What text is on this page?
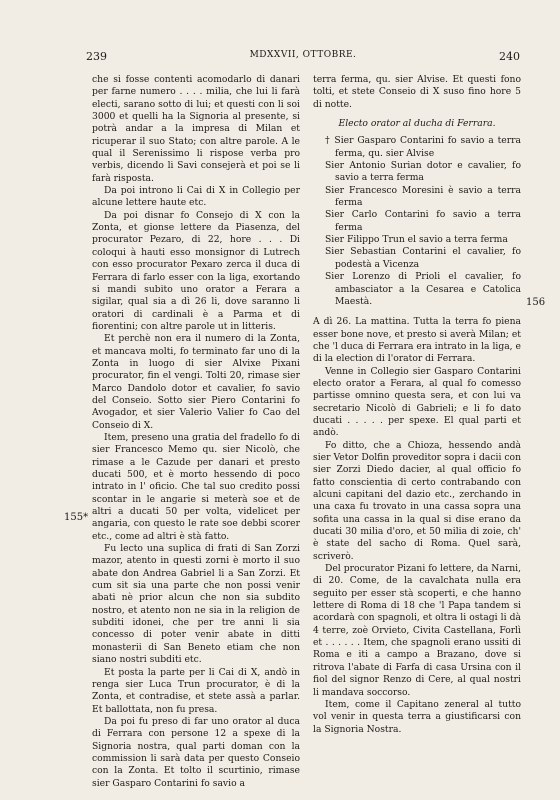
239	MDXXVII, OTTOBRE.	240
155*
156

che si fosse contenti acomodarlo di danari per farne numero . . . . milia, che lui li farà electi, sarano sotto di lui; et questi con li soi 3000 et quelli ha la Signoria al presente, si potrà andar a la impresa di Milan et ricuperar il suo Stato; con altre parole. A le qual il Serenissimo li rispose verba pro verbis, dicendo li Savi consejerà et poi se li farà risposta.

Da poi introno li Cai di X in Collegio per alcune lettere haute etc.

Da poi disnar fo Consejo di X con la Zonta, et gionse lettere da Piasenza, del procurator Pezaro, di 22, hore . . . Di coloqui à hauti esso monsignor di Lutrech con esso procurator Pexaro zerca il duca di Ferrara di farlo esser con la liga, exortando si mandi subito uno orator a Ferara a sigilar, qual sia a dì 26 li, dove saranno li oratori di cardinali è a Parma et di fiorentini; con altre parole ut in litteris.

Et perchè non era il numero di la Zonta, et mancava molti, fo terminato far uno di la Zonta in luogo di sier Alvixe Pixani procurator, fin el vengi. Tolti 20, rimase sier Marco Dandolo dotor et cavalier, fo savio del Conseio. Sotto sier Piero Contarini fo Avogador, et sier Valerio Valier fo Cao del Conseio di X.

Item, preseno una gratia del fradello fo di sier Francesco Memo qu. sier Nicolò, che rimase a le Cazude per danari et presto ducati 500, et è morto hessendo di poco intrato in l' oficio. Che tal suo credito possi scontar in le angarie si meterà soe et de altri a ducati 50 per volta, videlicet per angaria, con questo le rate soe debbi scorer etc., come ad altri è stà fatto.

Fu lecto una suplica di frati di San Zorzi mazor, atento in questi zorni è morto il suo abate don Andrea Gabriel li a San Zorzi. Et cum sit sia una parte che non possi venir abati nè prior alcun che non sia subdito nostro, et atento non ne sia in la religion de subditi idonei, che per tre anni li sia concesso di poter venir abate in ditti monasterii di San Beneto etiam che non siano nostri subditi etc.

Et posta la parte per li Cai di X, andò in renga sier Luca Trun procurator, è di la Zonta, et contradise, et stete assà a parlar. Et ballottata, non fu presa.

Da poi fu preso di far uno orator al duca di Ferrara con persone 12 a spexe di la Signoria nostra, qual parti doman con la commission li sarà data per questo Conseio con la Zonta. Et tolto il scurtinio, rimase sier Gasparo Contarini fo savio a

terra ferma, qu. sier Alvise. Et questi fono tolti, et stete Conseio di X suso fino hore 5 di notte.

Electo orator al ducha di Ferrara.

† Sier Gasparo Contarini fo savio a terra ferma, qu. sier Alvise
Sier Antonio Surian dotor e cavalier, fo savio a terra ferma
Sier Francesco Moresini è savio a terra ferma
Sier Carlo Contarini fo savio a terra ferma
Sier Filippo Trun el savio a terra ferma
Sier Sebastian Contarini el cavalier, fo podestà a Vicenza
Sier Lorenzo di Prioli el cavalier, fo ambasciator a la Cesarea e Catolica Maestà.

A dì 26. La mattina. Tutta la terra fo piena esser bone nove, et presto si averà Milan; et che 'l duca di Ferrara era intrato in la liga, e di la election di l'orator di Ferrara.

Venne in Collegio sier Gasparo Contarini electo orator a Ferara, al qual fo comesso partisse omnino questa sera, et con lui va secretario Nicolò di Gabrieli; e li fo dato ducati . . . . . per spexe. El qual parti et andò.

Fo ditto, che a Chioza, hessendo andà sier Vetor Dolfin proveditor sopra i dacii con sier Zorzi Diedo dacier, al qual officio fo fatto conscientia di certo contrabando con alcuni capitani del dazio etc., zerchando in una caxa fu trovato in una cassa sopra una sofita una cassa in la qual si dise erano da ducati 30 milia d'oro, et 50 milia di zoie, ch' è state del sacho di Roma. Quel sarà, scriverò.

Del procurator Pizani fo lettere, da Narni, di 20. Come, de la cavalchata nulla era seguito per esser stà scoperti, e che hanno lettere di Roma di 18 che 'l Papa tandem si acordarà con spagnoli, et oltra li ostagi li dà 4 terre, zoè Orvieto, Civita Castellana, Forlì et . . . . . . Item, che spagnoli erano ussiti di Roma e iti a campo a Brazano, dove si ritrova l'abate di Farfa di casa Ursina con il fiol del signor Renzo di Cere, al qual nostri li mandava soccorso.

Item, come il Capitano zeneral al tutto vol venir in questa terra a giustificarsi con la Signoria Nostra.
